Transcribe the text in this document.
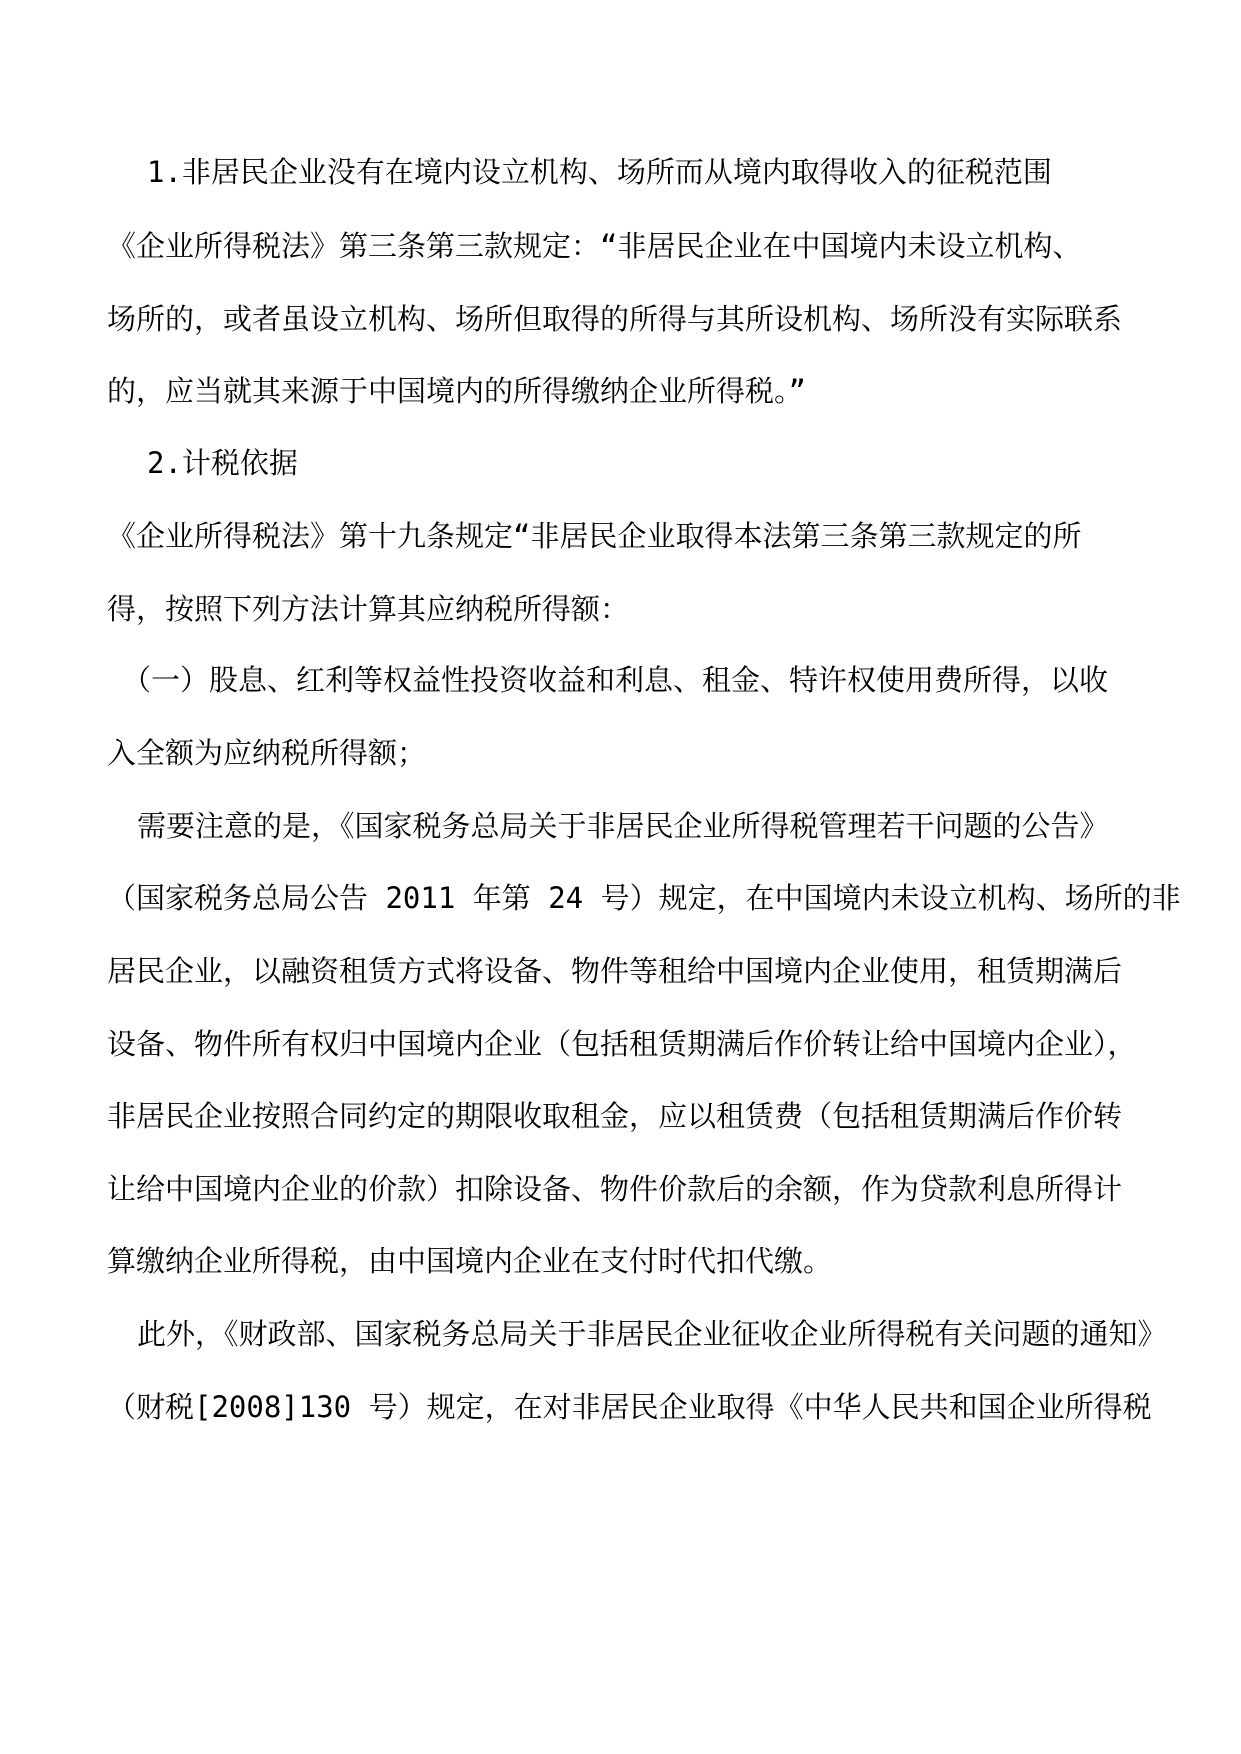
1.非居民企业没有在境内设立机构、场所而从境内取得收入的征税范围
《企业所得税法》第三条第三款规定：“非居民企业在中国境内未设立机构、
场所的，或者虽设立机构、场所但取得的所得与其所设机构、场所没有实际联系
的，应当就其来源于中国境内的所得缴纳企业所得税。”
2.计税依据
《企业所得税法》第十九条规定“非居民企业取得本法第三条第三款规定的所
得，按照下列方法计算其应纳税所得额：
（一）股息、红利等权益性投资收益和利息、租金、特许权使用费所得，以收
入全额为应纳税所得额；
需要注意的是，《国家税务总局关于非居民企业所得税管理若干问题的公告》
（国家税务总局公告 2011 年第 24 号）规定，在中国境内未设立机构、场所的非
居民企业，以融资租赁方式将设备、物件等租给中国境内企业使用，租赁期满后
设备、物件所有权归中国境内企业（包括租赁期满后作价转让给中国境内企业），
非居民企业按照合同约定的期限收取租金，应以租赁费（包括租赁期满后作价转
让给中国境内企业的价款）扣除设备、物件价款后的余额，作为贷款利息所得计
算缴纳企业所得税，由中国境内企业在支付时代扣代缴。
此外，《财政部、国家税务总局关于非居民企业征收企业所得税有关问题的通知》
（财税[2008]130 号）规定，在对非居民企业取得《中华人民共和国企业所得税
